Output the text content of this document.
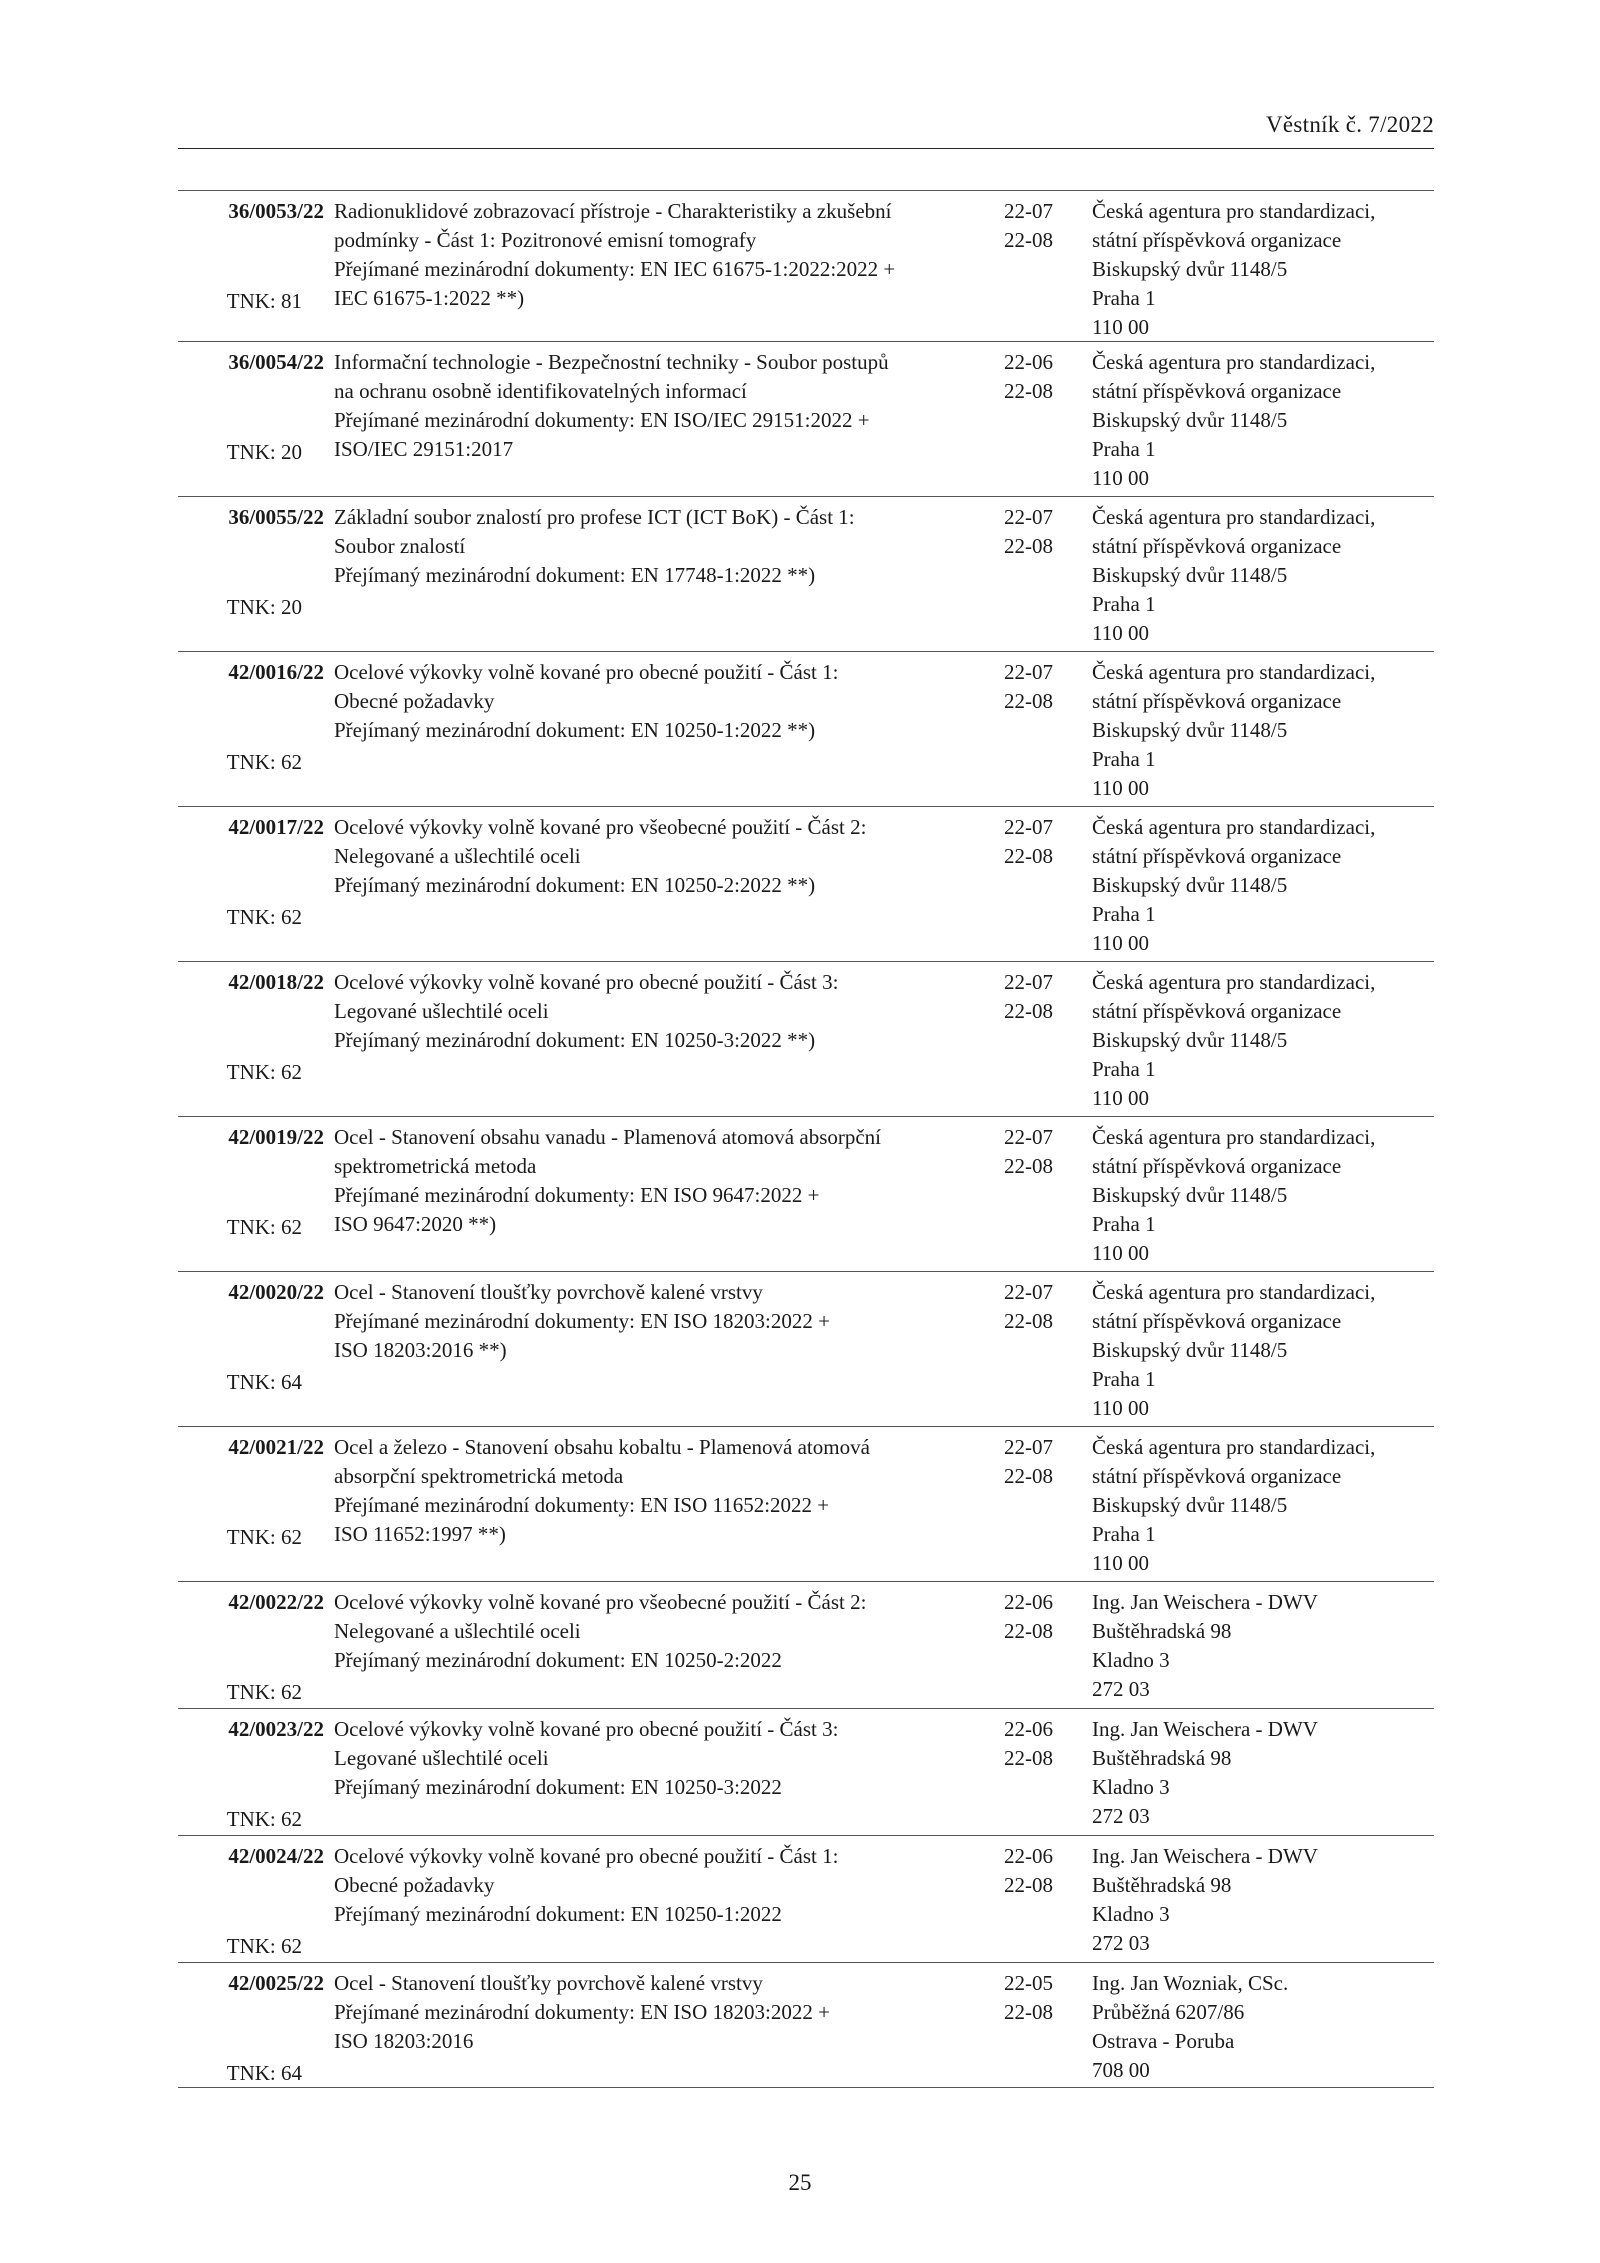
Věstník č. 7/2022
36/0053/22
TNK: 81
Radionuklidové zobrazovací přístroje - Charakteristiky a zkušební
podmínky - Část 1: Pozitronové emisní tomografy
Přejímané mezinárodní dokumenty: EN IEC 61675-1:2022:2022 +
IEC 61675-1:2022 **)
22-07
22-08
Česká agentura pro standardizaci,
státní příspěvková organizace
Biskupský dvůr 1148/5
Praha 1
110 00
36/0054/22
TNK: 20
Informační technologie - Bezpečnostní techniky - Soubor postupů
na ochranu osobně identifikovatelných informací
Přejímané mezinárodní dokumenty: EN ISO/IEC 29151:2022 +
ISO/IEC 29151:2017
22-06
22-08
Česká agentura pro standardizaci,
státní příspěvková organizace
Biskupský dvůr 1148/5
Praha 1
110 00
36/0055/22
TNK: 20
Základní soubor znalostí pro profese ICT (ICT BoK) - Část 1:
Soubor znalostí
Přejímaný mezinárodní dokument: EN 17748-1:2022 **)
22-07
22-08
Česká agentura pro standardizaci,
státní příspěvková organizace
Biskupský dvůr 1148/5
Praha 1
110 00
42/0016/22
TNK: 62
Ocelové výkovky volně kované pro obecné použití - Část 1:
Obecné požadavky
Přejímaný mezinárodní dokument: EN 10250-1:2022 **)
22-07
22-08
Česká agentura pro standardizaci,
státní příspěvková organizace
Biskupský dvůr 1148/5
Praha 1
110 00
42/0017/22
TNK: 62
Ocelové výkovky volně kované pro všeobecné použití - Část 2:
Nelegované a ušlechtilé oceli
Přejímaný mezinárodní dokument: EN 10250-2:2022 **)
22-07
22-08
Česká agentura pro standardizaci,
státní příspěvková organizace
Biskupský dvůr 1148/5
Praha 1
110 00
42/0018/22
TNK: 62
Ocelové výkovky volně kované pro obecné použití - Část 3:
Legované ušlechtilé oceli
Přejímaný mezinárodní dokument: EN 10250-3:2022 **)
22-07
22-08
Česká agentura pro standardizaci,
státní příspěvková organizace
Biskupský dvůr 1148/5
Praha 1
110 00
42/0019/22
TNK: 62
Ocel - Stanovení obsahu vanadu - Plamenová atomová absorpční
spektrometrická metoda
Přejímané mezinárodní dokumenty: EN ISO 9647:2022 +
ISO 9647:2020 **)
22-07
22-08
Česká agentura pro standardizaci,
státní příspěvková organizace
Biskupský dvůr 1148/5
Praha 1
110 00
42/0020/22
TNK: 64
Ocel - Stanovení tloušťky povrchově kalené vrstvy
Přejímané mezinárodní dokumenty: EN ISO 18203:2022 +
ISO 18203:2016 **)
22-07
22-08
Česká agentura pro standardizaci,
státní příspěvková organizace
Biskupský dvůr 1148/5
Praha 1
110 00
42/0021/22
TNK: 62
Ocel a železo - Stanovení obsahu kobaltu - Plamenová atomová
absorpční spektrometrická metoda
Přejímané mezinárodní dokumenty: EN ISO 11652:2022 +
ISO 11652:1997 **)
22-07
22-08
Česká agentura pro standardizaci,
státní příspěvková organizace
Biskupský dvůr 1148/5
Praha 1
110 00
42/0022/22
TNK: 62
Ocelové výkovky volně kované pro všeobecné použití - Část 2:
Nelegované a ušlechtilé oceli
Přejímaný mezinárodní dokument: EN 10250-2:2022
22-06
22-08
Ing. Jan Weischera - DWV
Buštěhradská 98
Kladno 3
272 03
42/0023/22
TNK: 62
Ocelové výkovky volně kované pro obecné použití - Část 3:
Legované ušlechtilé oceli
Přejímaný mezinárodní dokument: EN 10250-3:2022
22-06
22-08
Ing. Jan Weischera - DWV
Buštěhradská 98
Kladno 3
272 03
42/0024/22
TNK: 62
Ocelové výkovky volně kované pro obecné použití - Část 1:
Obecné požadavky
Přejímaný mezinárodní dokument: EN 10250-1:2022
22-06
22-08
Ing. Jan Weischera - DWV
Buštěhradská 98
Kladno 3
272 03
42/0025/22
TNK: 64
Ocel - Stanovení tloušťky povrchově kalené vrstvy
Přejímané mezinárodní dokumenty: EN ISO 18203:2022 +
ISO 18203:2016
22-05
22-08
Ing. Jan Wozniak, CSc.
Průběžná 6207/86
Ostrava - Poruba
708 00
25
